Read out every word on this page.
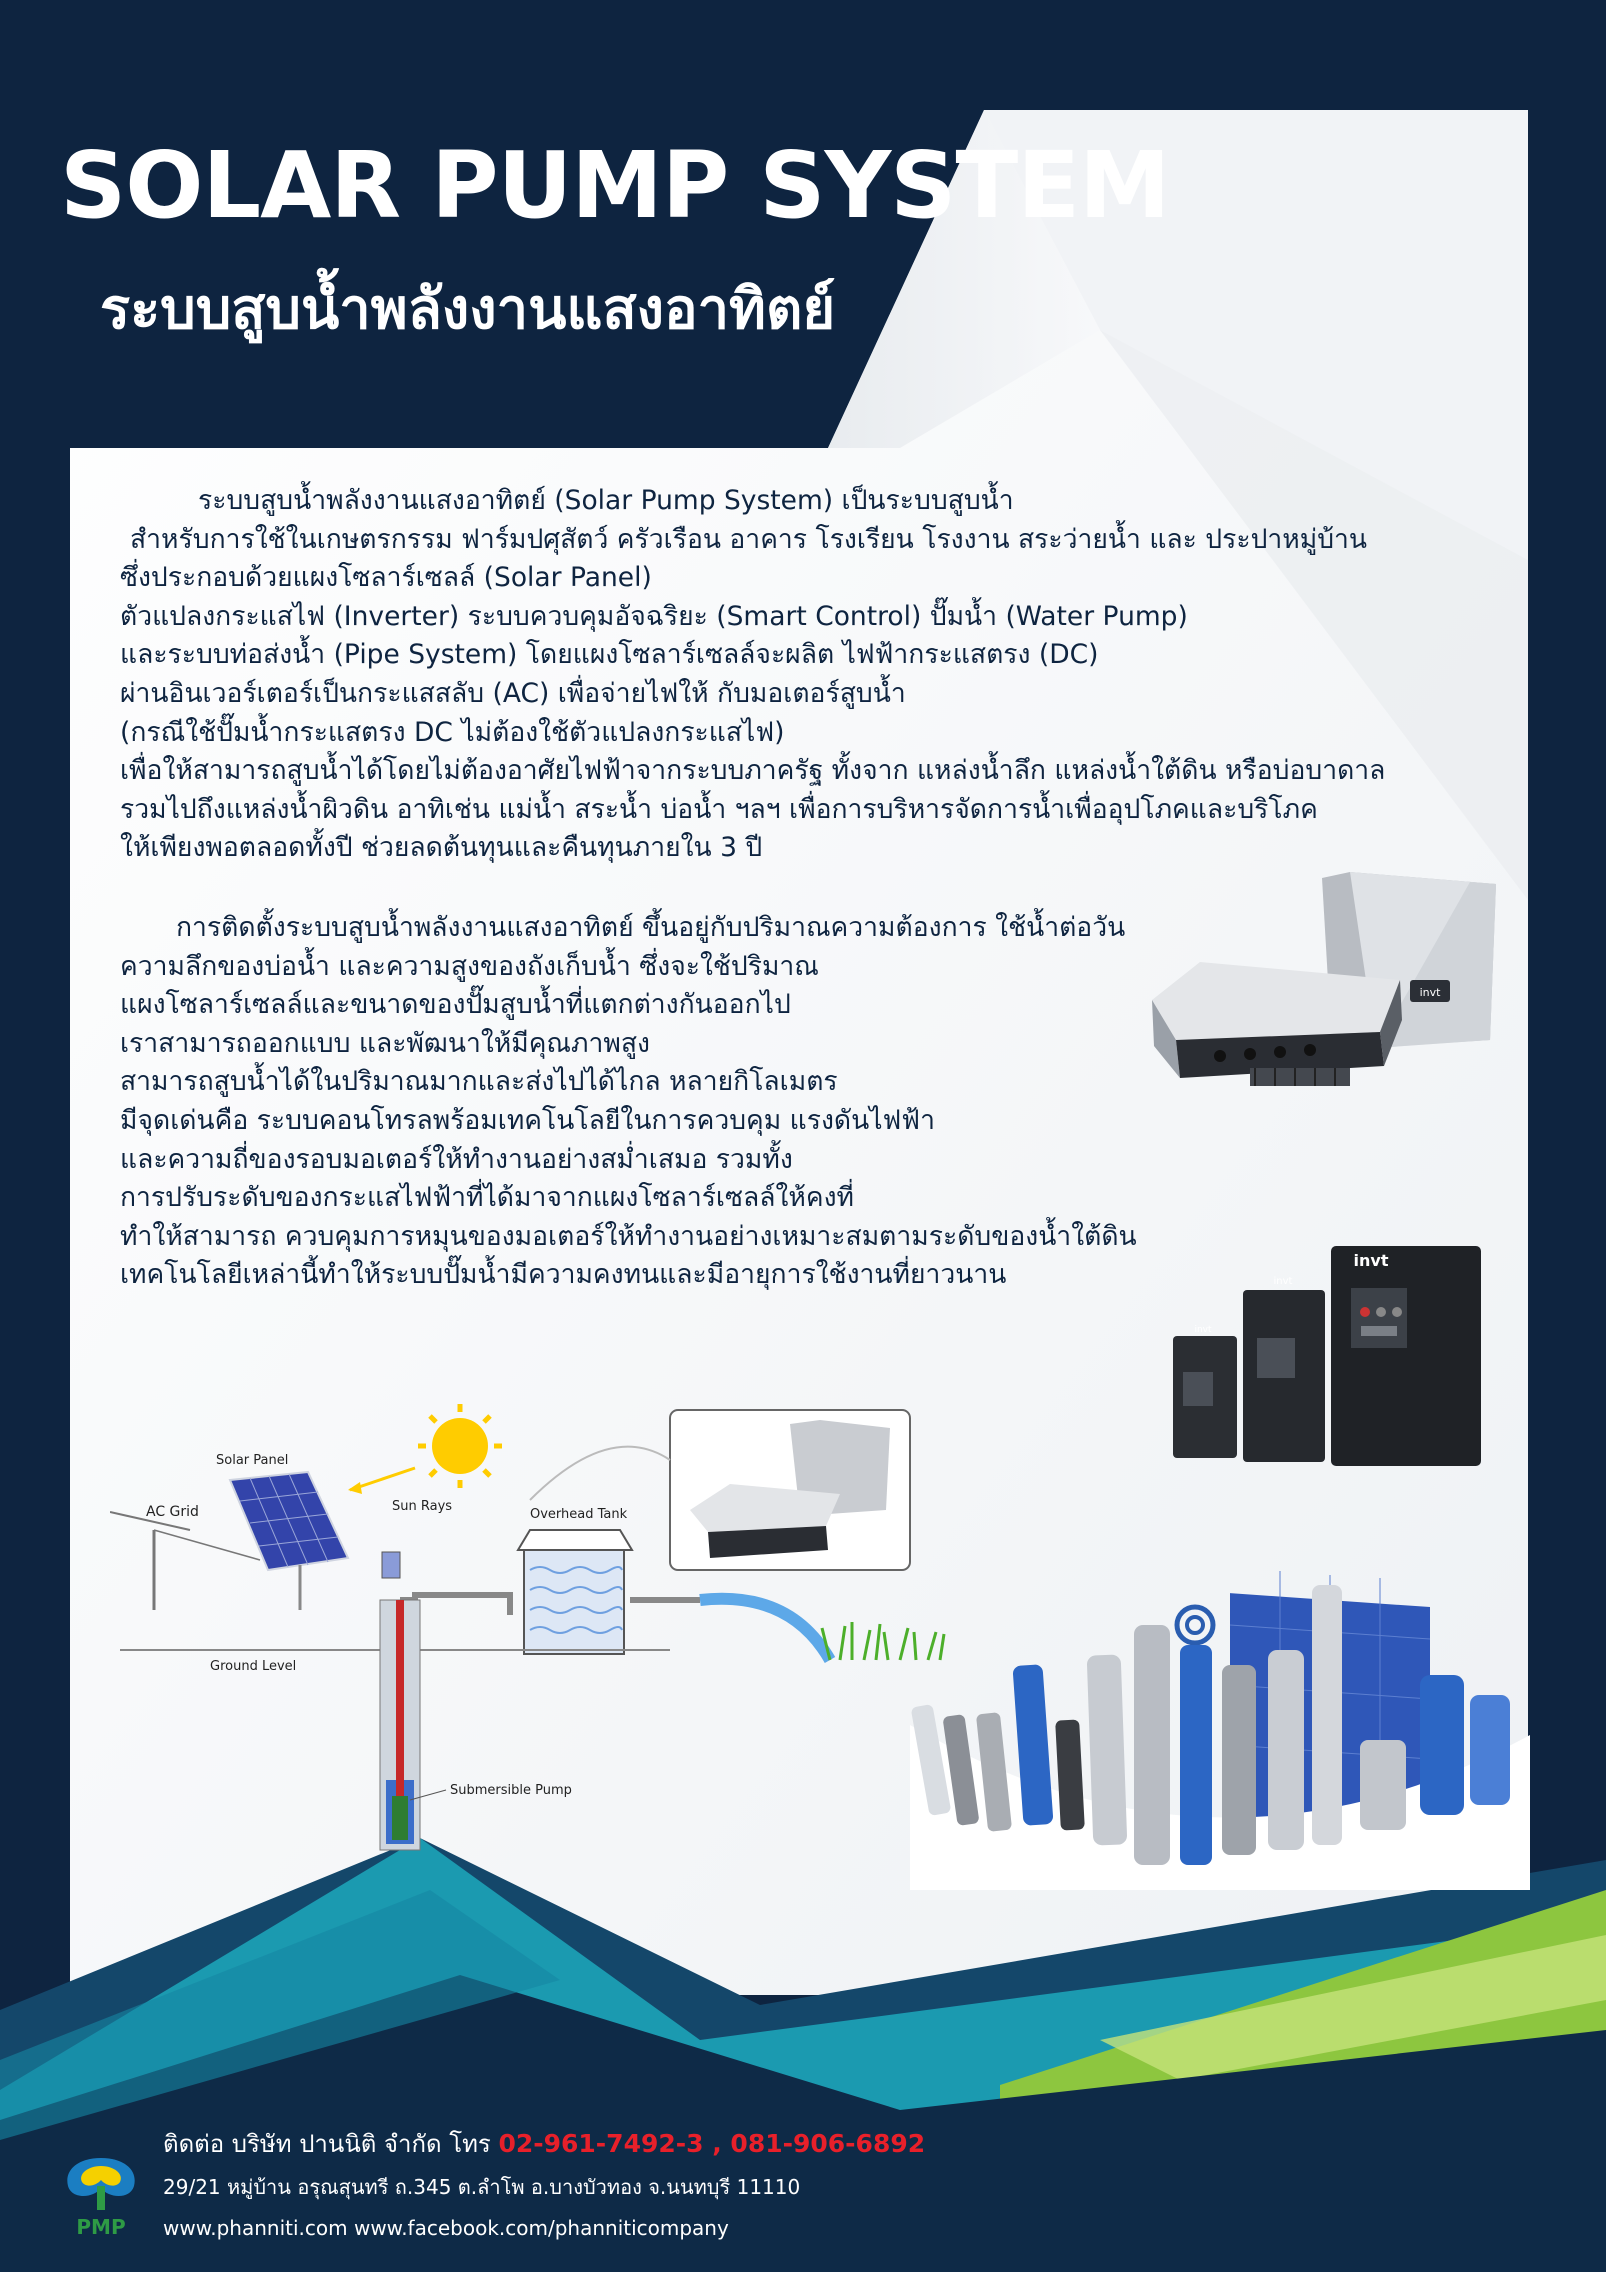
SOLAR PUMP SYSTEM
ระบบสูบน้ำพลังงานแสงอาทิตย์
ระบบสูบน้ำพลังงานแสงอาทิตย์ (Solar Pump System) เป็นระบบสูบน้ำ
สำหรับการใช้ในเกษตรกรรม ฟาร์มปศุสัตว์ ครัวเรือน อาคาร โรงเรียน โรงงาน สระว่ายน้ำ และ ประปาหมู่บ้าน
ซึ่งประกอบด้วยแผงโซลาร์เซลล์ (Solar Panel)
ตัวแปลงกระแสไฟ (Inverter) ระบบควบคุมอัจฉริยะ (Smart Control) ปั๊มน้ำ (Water Pump)
และระบบท่อส่งน้ำ (Pipe System) โดยแผงโซลาร์เซลล์จะผลิต ไฟฟ้ากระแสตรง (DC)
ผ่านอินเวอร์เตอร์เป็นกระแสสลับ (AC) เพื่อจ่ายไฟให้ กับมอเตอร์สูบน้ำ
(กรณีใช้ปั๊มน้ำกระแสตรง DC ไม่ต้องใช้ตัวแปลงกระแสไฟ)
เพื่อให้สามารถสูบน้ำได้โดยไม่ต้องอาศัยไฟฟ้าจากระบบภาครัฐ ทั้งจาก แหล่งน้ำลึก แหล่งน้ำใต้ดิน หรือบ่อบาดาล
รวมไปถึงแหล่งน้ำผิวดิน อาทิเช่น แม่น้ำ สระน้ำ บ่อน้ำ ฯลฯ เพื่อการบริหารจัดการน้ำเพื่ออุปโภคและบริโภค
ให้เพียงพอตลอดทั้งปี ช่วยลดต้นทุนและคืนทุนภายใน 3 ปี
การติดตั้งระบบสูบน้ำพลังงานแสงอาทิตย์ ขึ้นอยู่กับปริมาณความต้องการ ใช้น้ำต่อวัน
ความลึกของบ่อน้ำ และความสูงของถังเก็บน้ำ ซึ่งจะใช้ปริมาณ
แผงโซลาร์เซลล์และขนาดของปั๊มสูบน้ำที่แตกต่างกันออกไป
เราสามารถออกแบบ และพัฒนาให้มีคุณภาพสูง
สามารถสูบน้ำได้ในปริมาณมากและส่งไปได้ไกล หลายกิโลเมตร
มีจุดเด่นคือ ระบบคอนโทรลพร้อมเทคโนโลยีในการควบคุม แรงดันไฟฟ้า
และความถี่ของรอบมอเตอร์ให้ทำงานอย่างสม่ำเสมอ รวมทั้ง
การปรับระดับของกระแสไฟฟ้าที่ได้มาจากแผงโซลาร์เซลล์ให้คงที่
ทำให้สามารถ ควบคุมการหมุนของมอเตอร์ให้ทำงานอย่างเหมาะสมตามระดับของน้ำใต้ดิน
เทคโนโลยีเหล่านี้ทำให้ระบบปั๊มน้ำมีความคงทนและมีอายุการใช้งานที่ยาวนาน
invt
invt
invt
invt
Solar Panel
Sun Rays
AC Grid	Overhead Tank
Ground Level
Submersible Pump
PMP
ติดต่อ บริษัท ปานนิติ จำกัด โทร 02-961-7492-3 , 081-906-6892
29/21 หมู่บ้าน อรุณสุนทรี ถ.345 ต.ลำโพ อ.บางบัวทอง จ.นนทบุรี 11110
www.phanniti.com www.facebook.com/phanniticompany
